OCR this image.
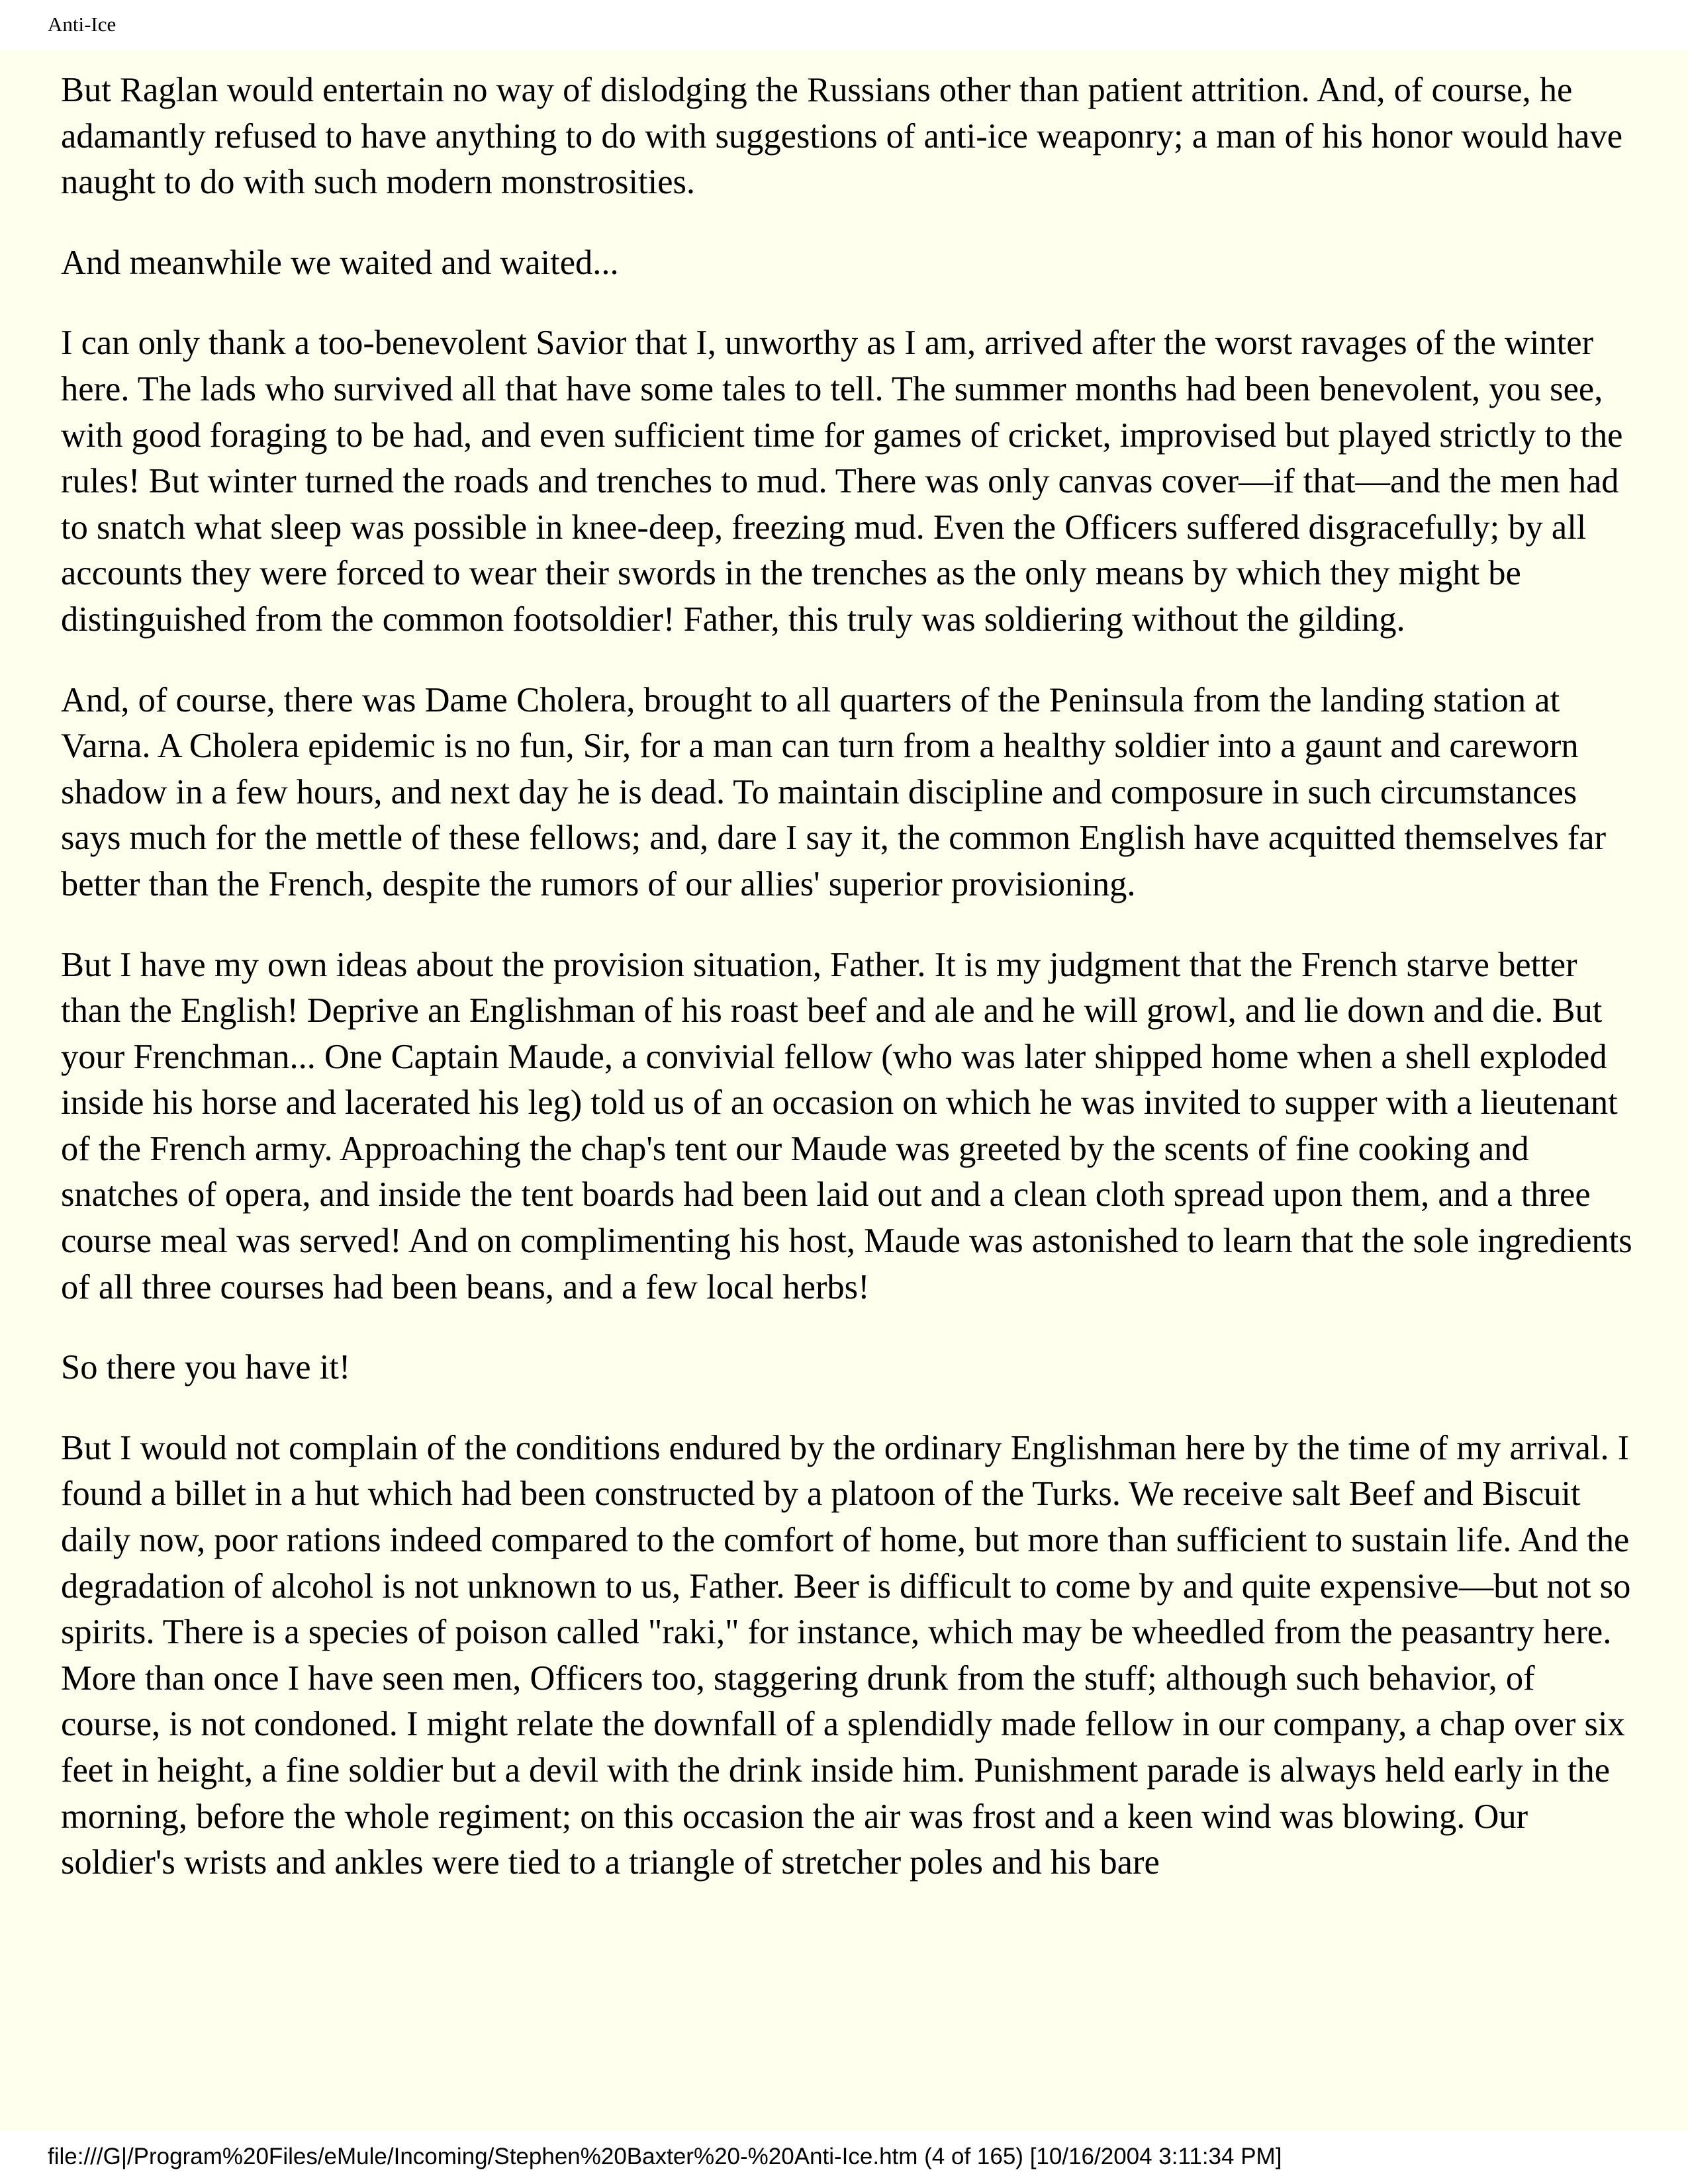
Anti-Ice

But Raglan would entertain no way of dislodging the Russians other than patient attrition. And, of course, he adamantly refused to have anything to do with suggestions of anti-ice weaponry; a man of his honor would have naught to do with such modern monstrosities.

And meanwhile we waited and waited...

I can only thank a too-benevolent Savior that I, unworthy as I am, arrived after the worst ravages of the winter here. The lads who survived all that have some tales to tell. The summer months had been benevolent, you see, with good foraging to be had, and even sufficient time for games of cricket, improvised but played strictly to the rules! But winter turned the roads and trenches to mud. There was only canvas cover—if that—and the men had to snatch what sleep was possible in knee-deep, freezing mud. Even the Officers suffered disgracefully; by all accounts they were forced to wear their swords in the trenches as the only means by which they might be distinguished from the common footsoldier! Father, this truly was soldiering without the gilding.

And, of course, there was Dame Cholera, brought to all quarters of the Peninsula from the landing station at Varna. A Cholera epidemic is no fun, Sir, for a man can turn from a healthy soldier into a gaunt and careworn shadow in a few hours, and next day he is dead. To maintain discipline and composure in such circumstances says much for the mettle of these fellows; and, dare I say it, the common English have acquitted themselves far better than the French, despite the rumors of our allies' superior provisioning.

But I have my own ideas about the provision situation, Father. It is my judgment that the French starve better than the English! Deprive an Englishman of his roast beef and ale and he will growl, and lie down and die. But your Frenchman... One Captain Maude, a convivial fellow (who was later shipped home when a shell exploded inside his horse and lacerated his leg) told us of an occasion on which he was invited to supper with a lieutenant of the French army. Approaching the chap's tent our Maude was greeted by the scents of fine cooking and snatches of opera, and inside the tent boards had been laid out and a clean cloth spread upon them, and a three course meal was served! And on complimenting his host, Maude was astonished to learn that the sole ingredients of all three courses had been beans, and a few local herbs!

So there you have it!

But I would not complain of the conditions endured by the ordinary Englishman here by the time of my arrival. I found a billet in a hut which had been constructed by a platoon of the Turks. We receive salt Beef and Biscuit daily now, poor rations indeed compared to the comfort of home, but more than sufficient to sustain life. And the degradation of alcohol is not unknown to us, Father. Beer is difficult to come by and quite expensive—but not so spirits. There is a species of poison called "raki," for instance, which may be wheedled from the peasantry here. More than once I have seen men, Officers too, staggering drunk from the stuff; although such behavior, of course, is not condoned. I might relate the downfall of a splendidly made fellow in our company, a chap over six feet in height, a fine soldier but a devil with the drink inside him. Punishment parade is always held early in the morning, before the whole regiment; on this occasion the air was frost and a keen wind was blowing. Our soldier's wrists and ankles were tied to a triangle of stretcher poles and his bare

file:///G|/Program%20Files/eMule/Incoming/Stephen%20Baxter%20-%20Anti-Ice.htm (4 of 165) [10/16/2004 3:11:34 PM]
